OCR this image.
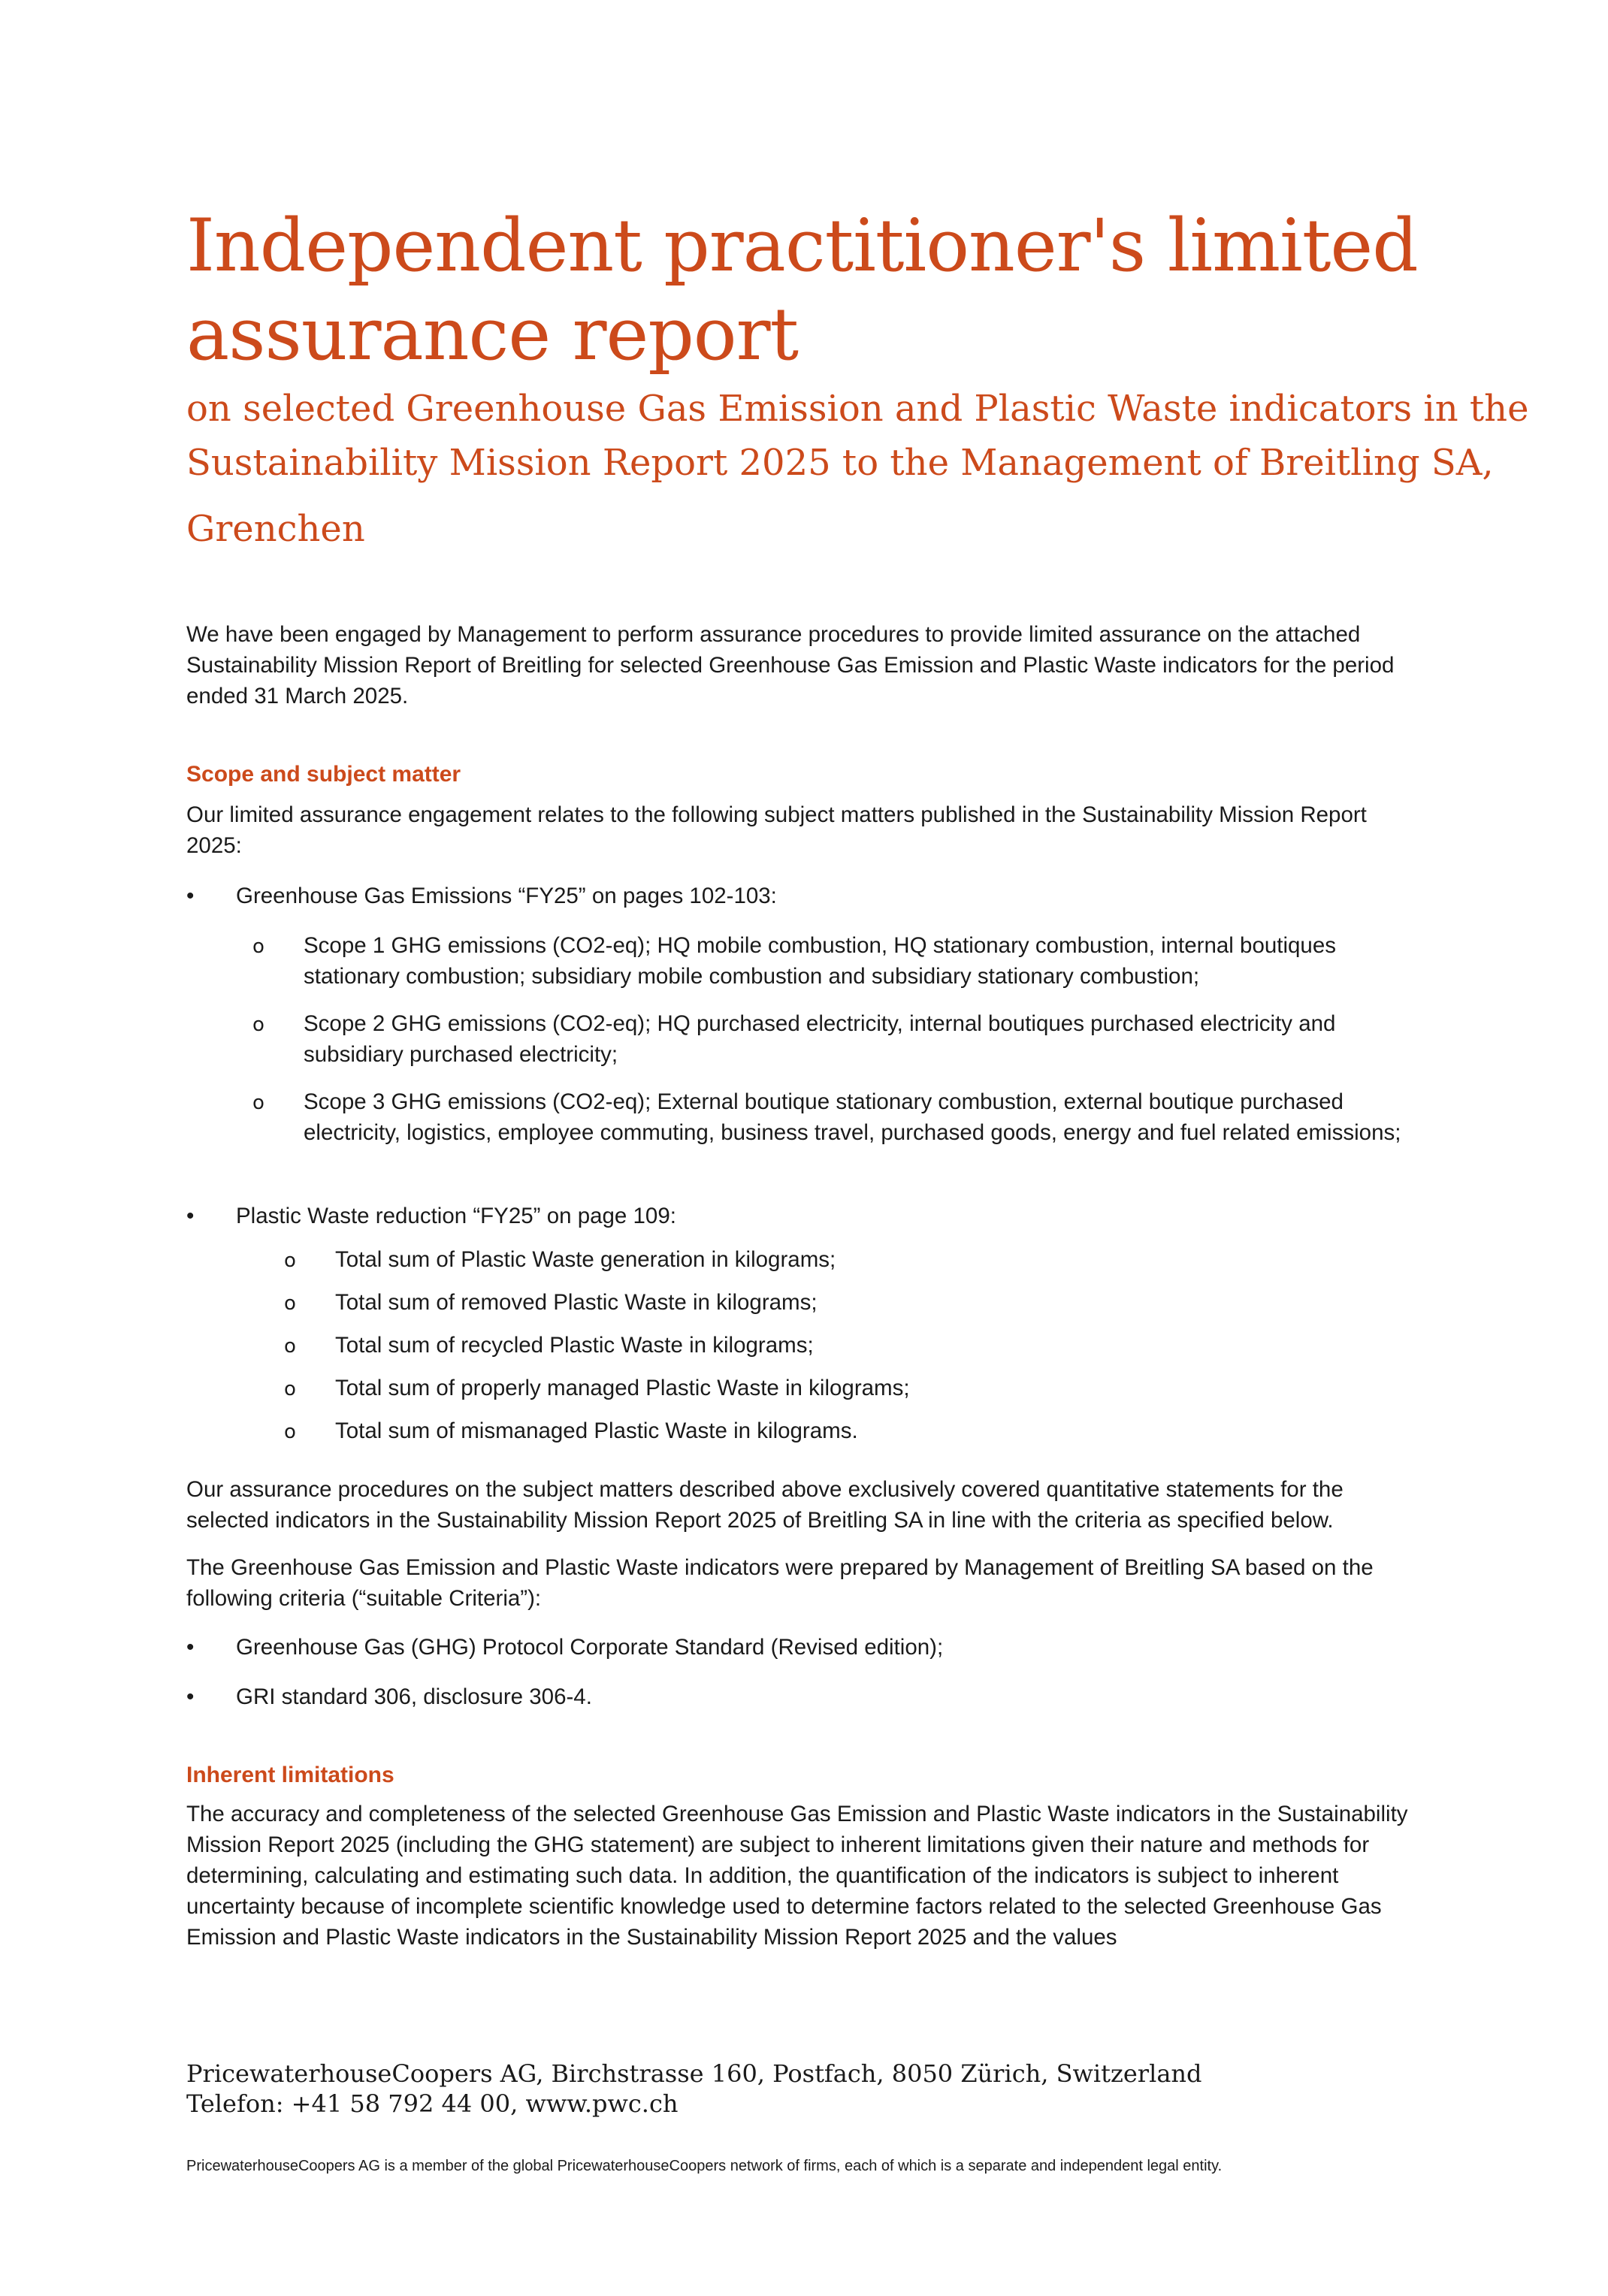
Independent practitioner's limited
assurance report
on selected Greenhouse Gas Emission and Plastic Waste indicators in the
Sustainability Mission Report 2025 to the Management of Breitling SA,
Grenchen

We have been engaged by Management to perform assurance procedures to provide limited assurance on the attached Sustainability Mission Report of Breitling for selected Greenhouse Gas Emission and Plastic Waste indicators for the period ended 31 March 2025.

Scope and subject matter

Our limited assurance engagement relates to the following subject matters published in the Sustainability Mission Report 2025:

• Greenhouse Gas Emissions “FY25” on pages 102-103:
o Scope 1 GHG emissions (CO2-eq); HQ mobile combustion, HQ stationary combustion, internal boutiques stationary combustion; subsidiary mobile combustion and subsidiary stationary combustion;
o Scope 2 GHG emissions (CO2-eq); HQ purchased electricity, internal boutiques purchased electricity and subsidiary purchased electricity;
o Scope 3 GHG emissions (CO2-eq); External boutique stationary combustion, external boutique purchased electricity, logistics, employee commuting, business travel, purchased goods, energy and fuel related emissions;
• Plastic Waste reduction “FY25” on page 109:
o Total sum of Plastic Waste generation in kilograms;
o Total sum of removed Plastic Waste in kilograms;
o Total sum of recycled Plastic Waste in kilograms;
o Total sum of properly managed Plastic Waste in kilograms;
o Total sum of mismanaged Plastic Waste in kilograms.

Our assurance procedures on the subject matters described above exclusively covered quantitative statements for the selected indicators in the Sustainability Mission Report 2025 of Breitling SA in line with the criteria as specified below.

The Greenhouse Gas Emission and Plastic Waste indicators were prepared by Management of Breitling SA based on the following criteria (“suitable Criteria”):

• Greenhouse Gas (GHG) Protocol Corporate Standard (Revised edition);
• GRI standard 306, disclosure 306-4.
Inherent limitations

The accuracy and completeness of the selected Greenhouse Gas Emission and Plastic Waste indicators in the Sustainability Mission Report 2025 (including the GHG statement) are subject to inherent limitations given their nature and methods for determining, calculating and estimating such data. In addition, the quantification of the indicators is subject to inherent uncertainty because of incomplete scientific knowledge used to determine factors related to the selected Greenhouse Gas Emission and Plastic Waste indicators in the Sustainability Mission Report 2025 and the values

PricewaterhouseCoopers AG, Birchstrasse 160, Postfach, 8050 Zürich, Switzerland
Telefon: +41 58 792 44 00, www.pwc.ch
PricewaterhouseCoopers AG is a member of the global PricewaterhouseCoopers network of firms, each of which is a separate and independent legal entity.
